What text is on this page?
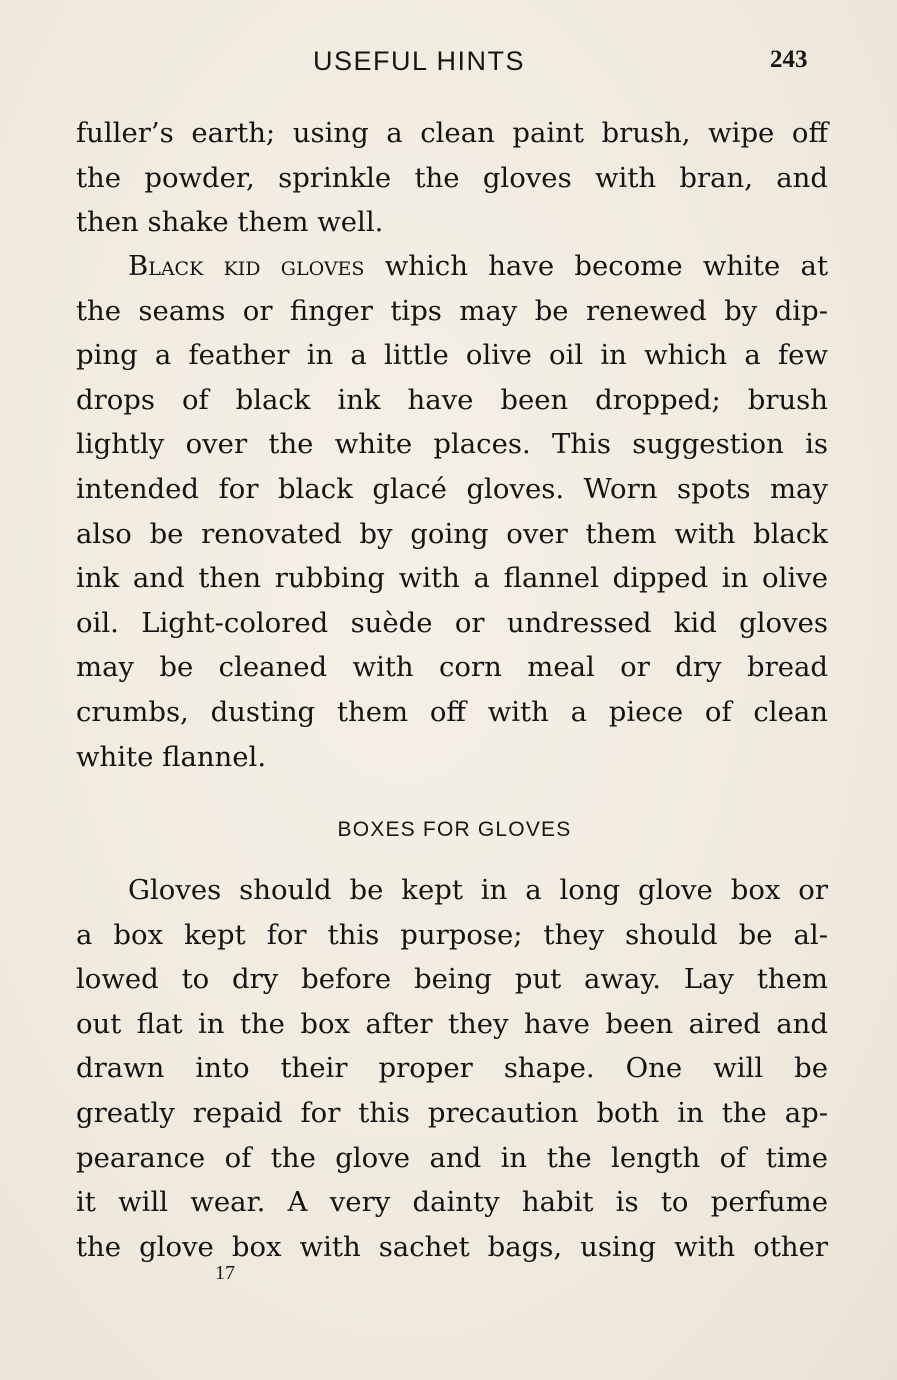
USEFUL HINTS	243
fuller’s earth; using a clean paint brush, wipe off
the powder, sprinkle the gloves with bran, and
then shake them well.
Black kid gloves which have become white at
the seams or finger tips may be renewed by dip-
ping a feather in a little olive oil in which a few
drops of black ink have been dropped; brush
lightly over the white places. This suggestion is
intended for black glacé gloves. Worn spots may
also be renovated by going over them with black
ink and then rubbing with a flannel dipped in olive
oil. Light-colored suède or undressed kid gloves
may be cleaned with corn meal or dry bread
crumbs, dusting them off with a piece of clean
white flannel.
BOXES FOR GLOVES
Gloves should be kept in a long glove box or
a box kept for this purpose; they should be al-
lowed to dry before being put away. Lay them
out flat in the box after they have been aired and
drawn into their proper shape. One will be
greatly repaid for this precaution both in the ap-
pearance of the glove and in the length of time
it will wear. A very dainty habit is to perfume
the glove box with sachet bags, using with other
17
